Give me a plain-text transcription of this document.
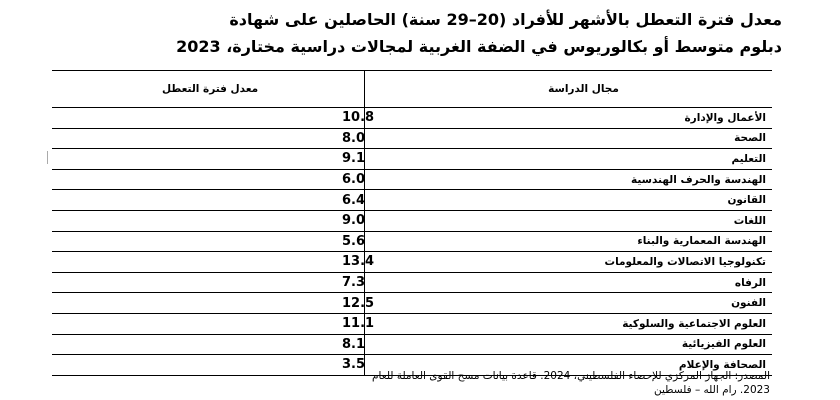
معدل فترة التعطل بالأشهر للأفراد (20–29 سنة) الحاصلين على شهادة
دبلوم متوسط أو بكالوريوس في الضفة الغربية لمجالات دراسية مختارة، 2023
مجال الدراسة	معدل فترة التعطل
الأعمال والإدارة	10.8
الصحة	8.0
التعليم	9.1
الهندسة والحرف الهندسية	6.0
القانون	6.4
اللغات	9.0
الهندسة المعمارية والبناء	5.6
تكنولوجيا الاتصالات والمعلومات	13.4
الرفاه	7.3
الفنون	12.5
العلوم الاجتماعية والسلوكية	11.1
العلوم الفيزيائية	8.1
الصحافة والإعلام	3.5
المصدر: الجهاز المركزي للإحصاء الفلسطيني، 2024. قاعدة بيانات مسح القوى العاملة للعام
2023. رام الله – فلسطين
